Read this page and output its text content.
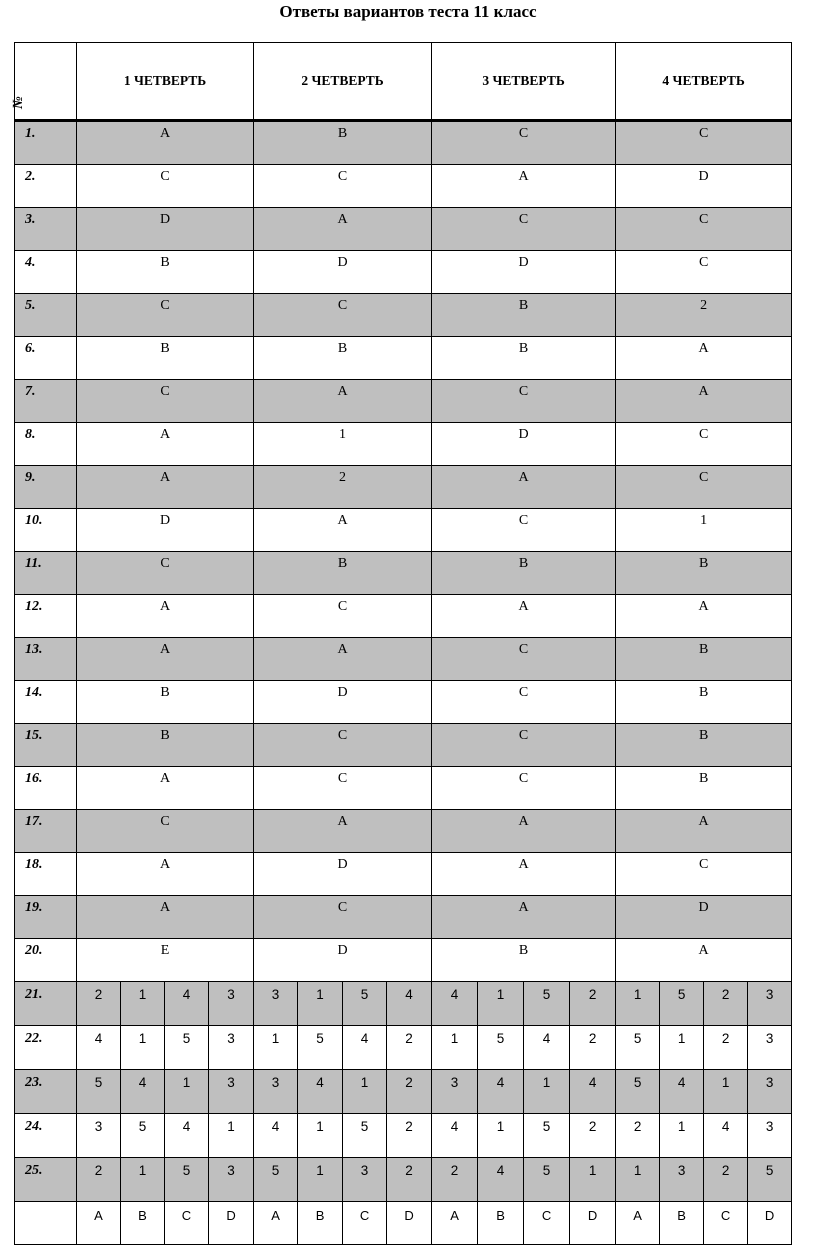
Ответы вариантов теста 11 класс
№	1 ЧЕТВЕРТЬ				2 ЧЕТВЕРТЬ				3 ЧЕТВЕРТЬ				4 ЧЕТВЕРТЬ			
1.	A				B				C				C			
2.	C				C				A				D			
3.	D				A				C				C			
4.	B				D				D				C			
5.	C				C				B				2			
6.	B				B				B				A			
7.	C				A				C				A			
8.	A				1				D				C			
9.	A				2				A				C			
10.	D				A				C				1			
11.	C				B				B				B			
12.	A				C				A				A			
13.	A				A				C				B			
14.	B				D				C				B			
15.	B				C				C				B			
16.	A				C				C				B			
17.	C				A				A				A			
18.	A				D				A				C			
19.	A				C				A				D			
20.	E				D				B				A			
21.	2	1	4	3	3	1	5	4	4	1	5	2	1	5	2	3
22.	4	1	5	3	1	5	4	2	1	5	4	2	5	1	2	3
23.	5	4	1	3	3	4	1	2	3	4	1	4	5	4	1	3
24.	3	5	4	1	4	1	5	2	4	1	5	2	2	1	4	3
25.	2	1	5	3	5	1	3	2	2	4	5	1	1	3	2	5
	A	B	C	D	A	B	C	D	A	B	C	D	A	B	C	D
